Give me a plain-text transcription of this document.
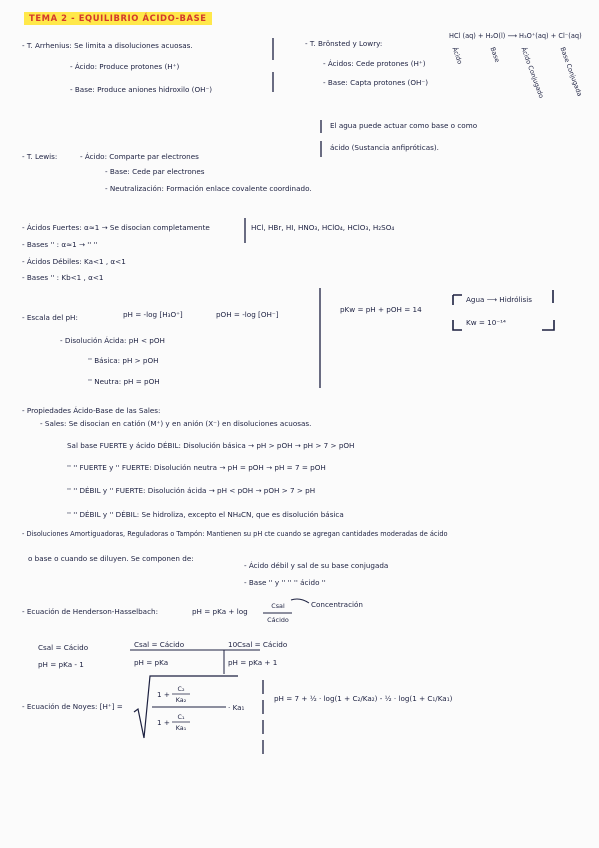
TEMA 2 - EQUILIBRIO ÁCIDO-BASE
- T. Arrhenius: Se limita a disoluciones acuosas.
- Ácido: Produce protones (H⁺)
- Base: Produce aniones hidroxilo (OH⁻)
- T. Brönsted y Lowry:
- Ácidos: Cede protones (H⁺)
- Base: Capta protones (OH⁻)
HCl (aq) + H₂O(l) ⟶ H₃O⁺(aq) + Cl⁻(aq)
Ácido	Base	Ácido Conjugado Base Conjugada
El agua puede actuar como base o como
ácido (Sustancia anfipróticas).
- T. Lewis:	- Ácido: Comparte par electrones
- Base: Cede par electrones
- Neutralización: Formación enlace covalente coordinado.
- Ácidos Fuertes: α≈1 → Se disocian completamente	HCl, HBr, HI, HNO₃, HClO₄, HClO₃, H₂SO₄
- Bases '' : α≈1 → '' ''
- Ácidos Débiles: Ka<1 , α<1
- Bases '' : Kb<1 , α<1
- Escala del pH:	pH = -log [H₃O⁺]	pOH = -log [OH⁻]
pKw = pH + pOH = 14
- Disolución Ácida: pH < pOH
'' Básica: pH > pOH
'' Neutra: pH = pOH
Agua ⟶ Hidrólisis
Kw = 10⁻¹⁴
- Propiedades Ácido-Base de las Sales:
- Sales: Se disocian en catión (M⁺) y en anión (X⁻) en disoluciones acuosas.
Sal base FUERTE y ácido DÉBIL: Disolución básica → pH > pOH → pH > 7 > pOH
'' '' FUERTE y '' FUERTE: Disolución neutra → pH = pOH → pH = 7 = pOH
'' '' DÉBIL y '' FUERTE: Disolución ácida → pH < pOH → pOH > 7 > pH
'' '' DÉBIL y '' DÉBIL: Se hidroliza, excepto el NH₄CN, que es disolución básica
- Disoluciones Amortiguadoras, Reguladoras o Tampón: Mantienen su pH cte cuando se agregan cantidades moderadas de ácido
o base o cuando se diluyen. Se componen de:
- Ácido débil y sal de su base conjugada
- Base '' y '' '' '' ácido ''
- Ecuación de Henderson-Hasselbach:	pH = pKa + log
Csal
Cácido
Concentración
Csal = Cácido
pH = pKa - 1
Csal = Cácido
pH = pKa
10Csal = Cácido
pH = pKa + 1
- Ecuación de Noyes: [H⁺] =
1 +
C₂
Ka₂
1 +
C₁
Ka₁
· Ka₁
pH = 7 + ½ · log(1 + C₂/Ka₂) - ½ · log(1 + C₁/Ka₁)
